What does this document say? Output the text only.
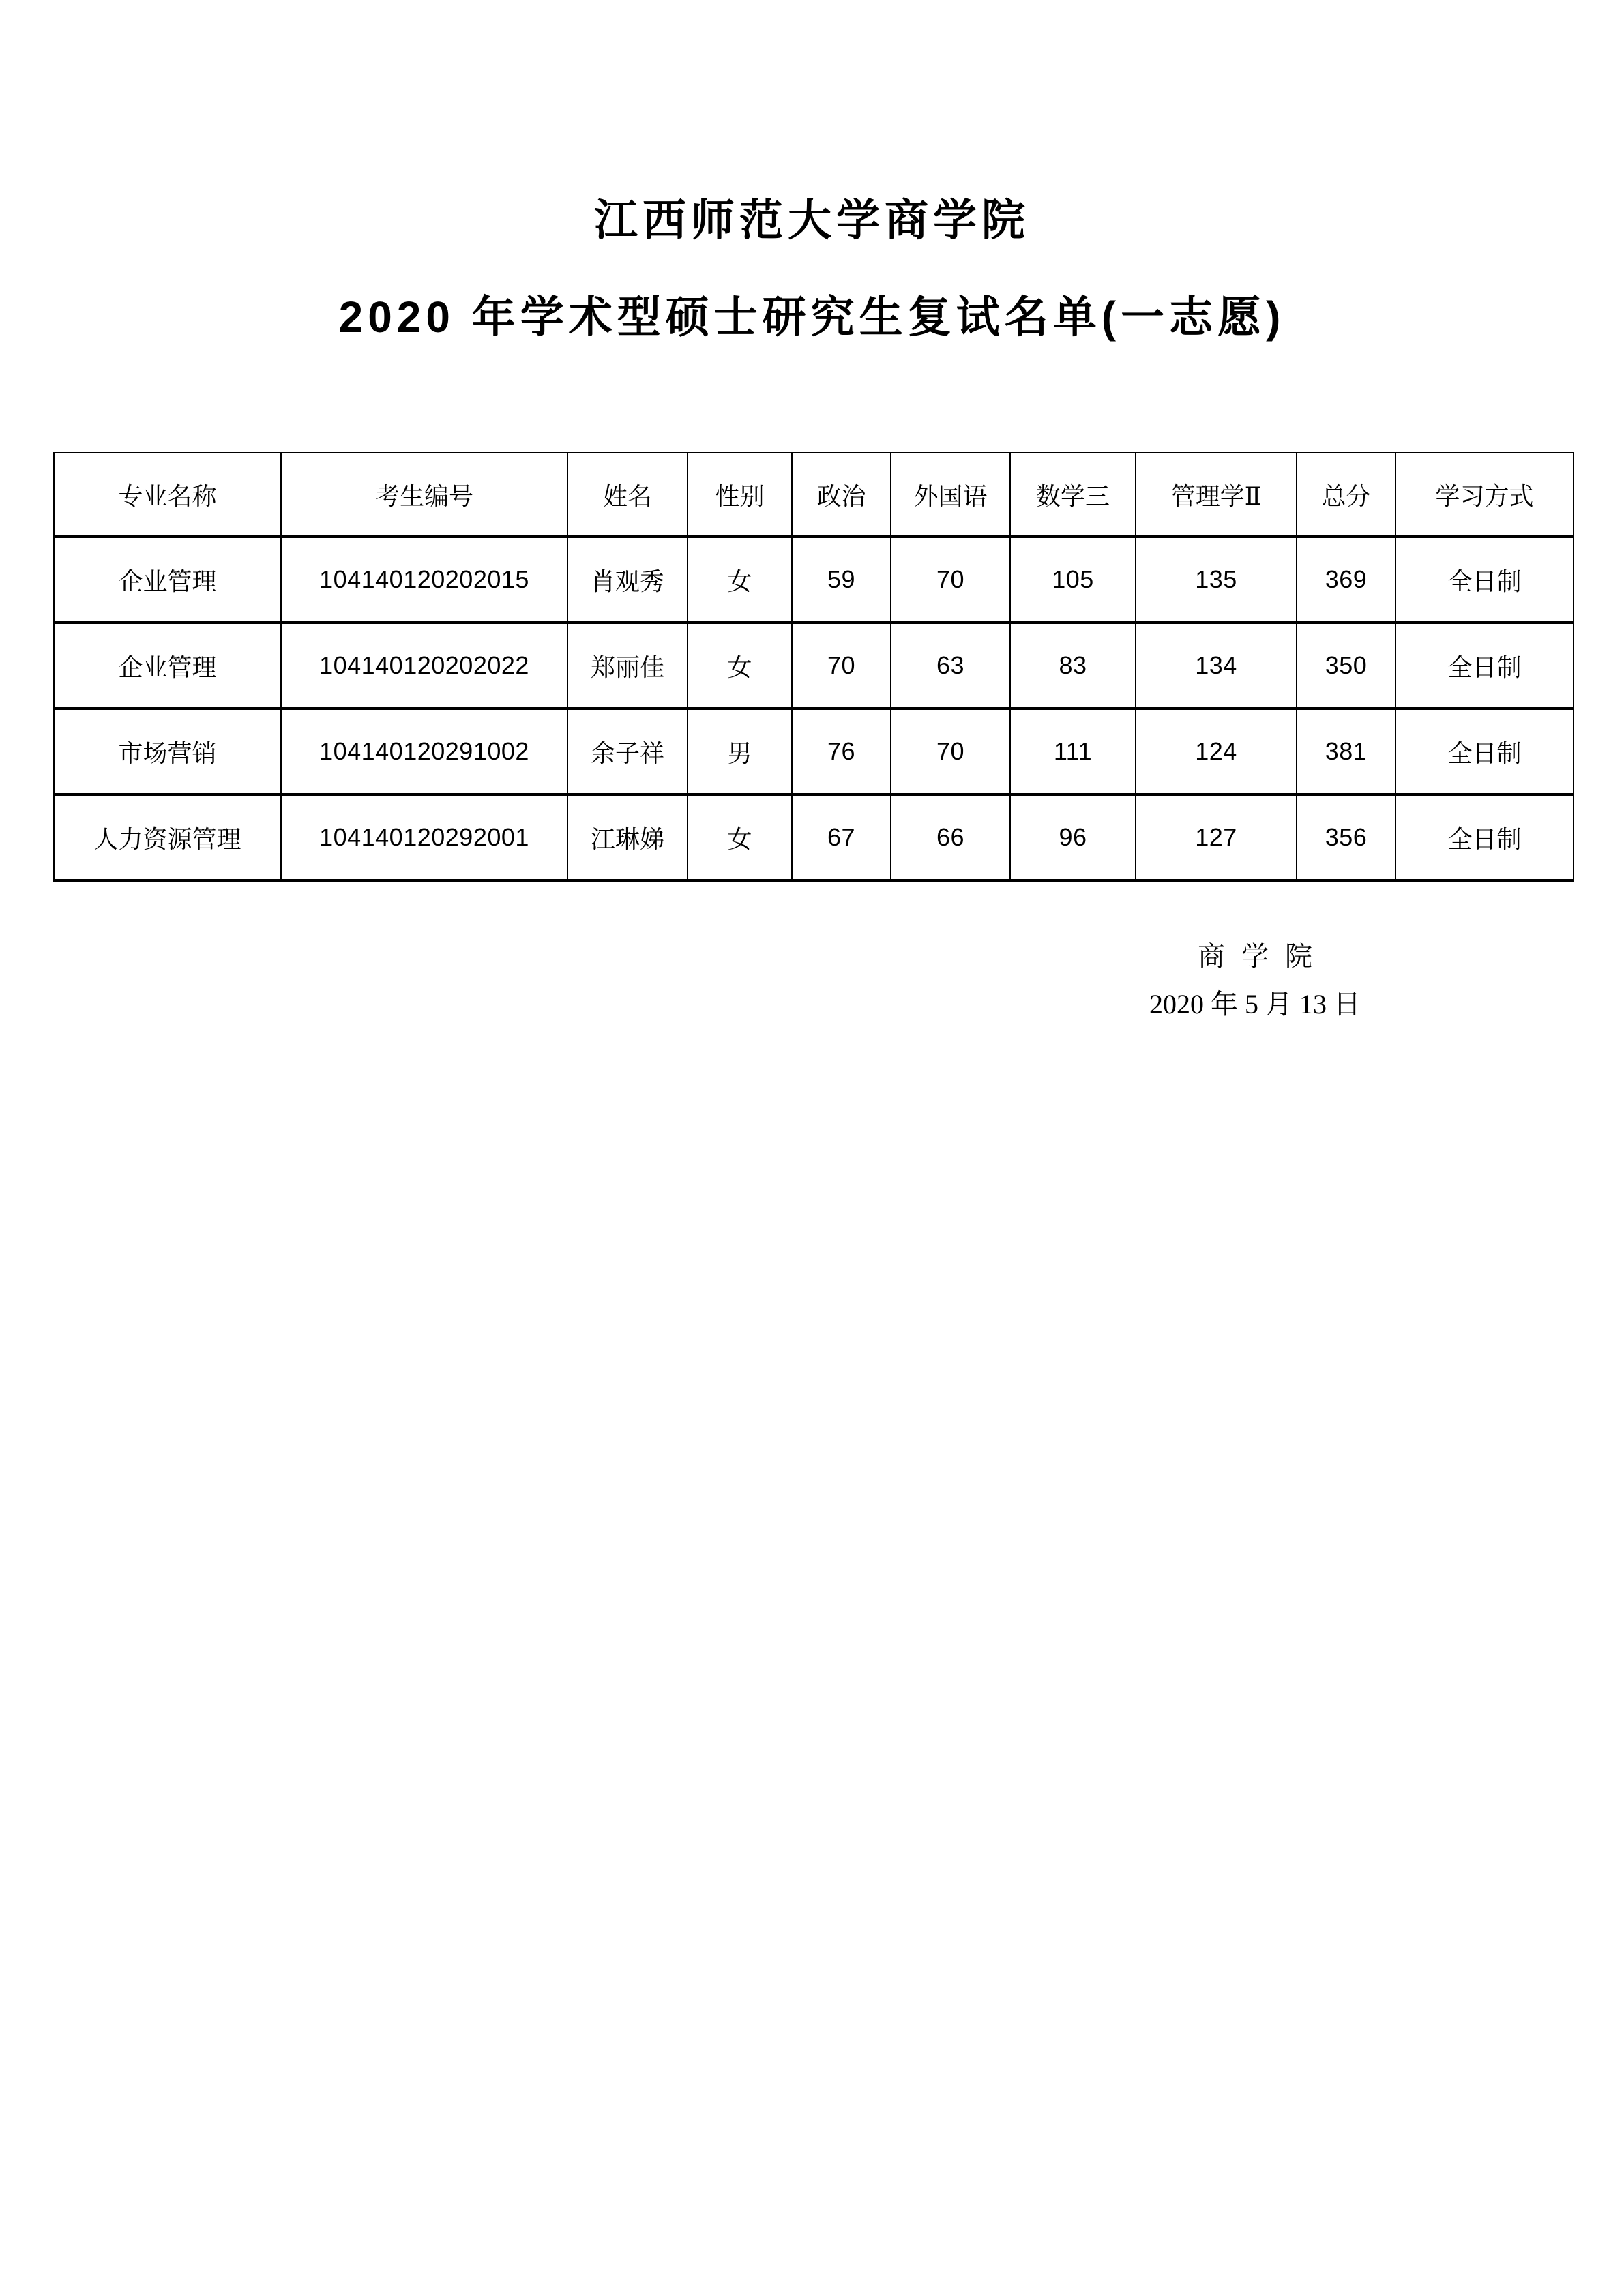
江西师范大学商学院
2020 年学术型硕士研究生复试名单(一志愿)
专业名称	考生编号	姓名	性别	政治	外国语	数学三	管理学Ⅱ	总分	学习方式
企业管理	104140120202015	肖观秀	女	59	70	105	135	369	全日制
企业管理	104140120202022	郑丽佳	女	70	63	83	134	350	全日制
市场营销	104140120291002	余子祥	男	76	70	111	124	381	全日制
人力资源管理	104140120292001	江琳娣	女	67	66	96	127	356	全日制
商 学 院
2020 年 5 月 13 日
